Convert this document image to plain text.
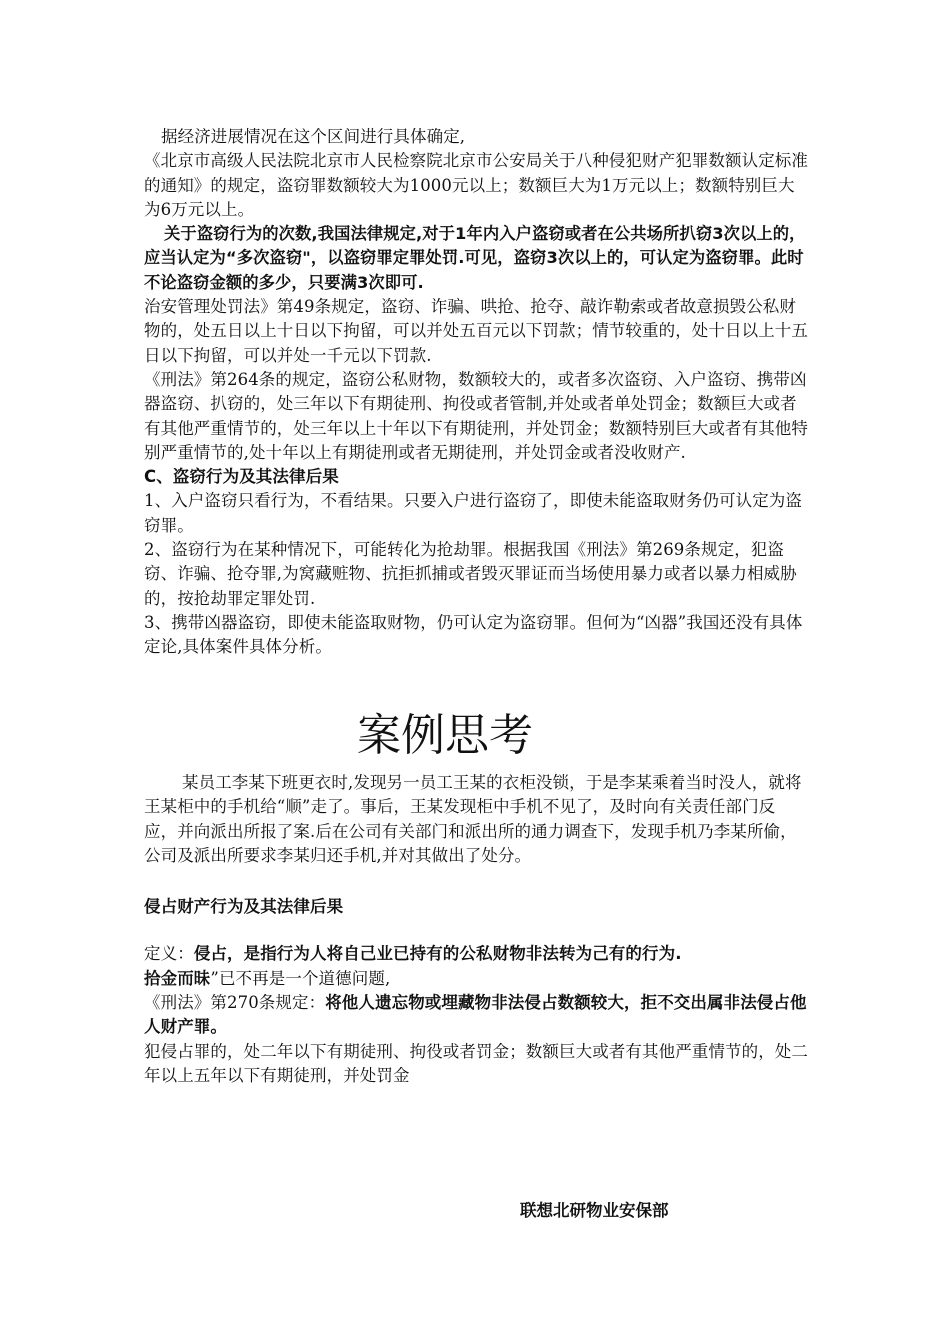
据经济进展情况在这个区间进行具体确定,

《北京市高级人民法院北京市人民检察院北京市公安局关于八种侵犯财产犯罪数额认定标准的通知》的规定，盗窃罪数额较大为1000元以上；数额巨大为1万元以上；数额特别巨大为6万元以上。

关于盗窃行为的次数,我国法律规定,对于1年内入户盗窃或者在公共场所扒窃3次以上的，应当认定为“多次盗窃"，以盗窃罪定罪处罚.可见，盗窃3次以上的，可认定为盗窃罪。此时不论盗窃金额的多少，只要满3次即可.

治安管理处罚法》第49条规定，盗窃、诈骗、哄抢、抢夺、敲诈勒索或者故意损毁公私财物的，处五日以上十日以下拘留，可以并处五百元以下罚款；情节较重的，处十日以上十五日以下拘留，可以并处一千元以下罚款.

《刑法》第264条的规定，盗窃公私财物，数额较大的，或者多次盗窃、入户盗窃、携带凶器盗窃、扒窃的，处三年以下有期徒刑、拘役或者管制,并处或者单处罚金；数额巨大或者有其他严重情节的，处三年以上十年以下有期徒刑，并处罚金；数额特别巨大或者有其他特别严重情节的,处十年以上有期徒刑或者无期徒刑，并处罚金或者没收财产.

C、盗窃行为及其法律后果

1、入户盗窃只看行为，不看结果。只要入户进行盗窃了，即使未能盗取财务仍可认定为盗窃罪。

2、盗窃行为在某种情况下，可能转化为抢劫罪。根据我国《刑法》第269条规定，犯盗窃、诈骗、抢夺罪,为窝藏赃物、抗拒抓捕或者毁灭罪证而当场使用暴力或者以暴力相威胁的，按抢劫罪定罪处罚.

3、携带凶器盗窃，即使未能盗取财物，仍可认定为盗窃罪。但何为“凶器”我国还没有具体定论,具体案件具体分析。

案例思考

某员工李某下班更衣时,发现另一员工王某的衣柜没锁，于是李某乘着当时没人，就将王某柜中的手机给“顺”走了。事后，王某发现柜中手机不见了，及时向有关责任部门反应，并向派出所报了案.后在公司有关部门和派出所的通力调查下，发现手机乃李某所偷，公司及派出所要求李某归还手机,并对其做出了处分。

侵占财产行为及其法律后果

定义：侵占，是指行为人将自己业已持有的公私财物非法转为己有的行为.

拾金而昧”已不再是一个道德问题,

《刑法》第270条规定：将他人遗忘物或埋藏物非法侵占数额较大，拒不交出属非法侵占他人财产罪。

犯侵占罪的，处二年以下有期徒刑、拘役或者罚金；数额巨大或者有其他严重情节的，处二年以上五年以下有期徒刑，并处罚金

联想北研物业安保部
